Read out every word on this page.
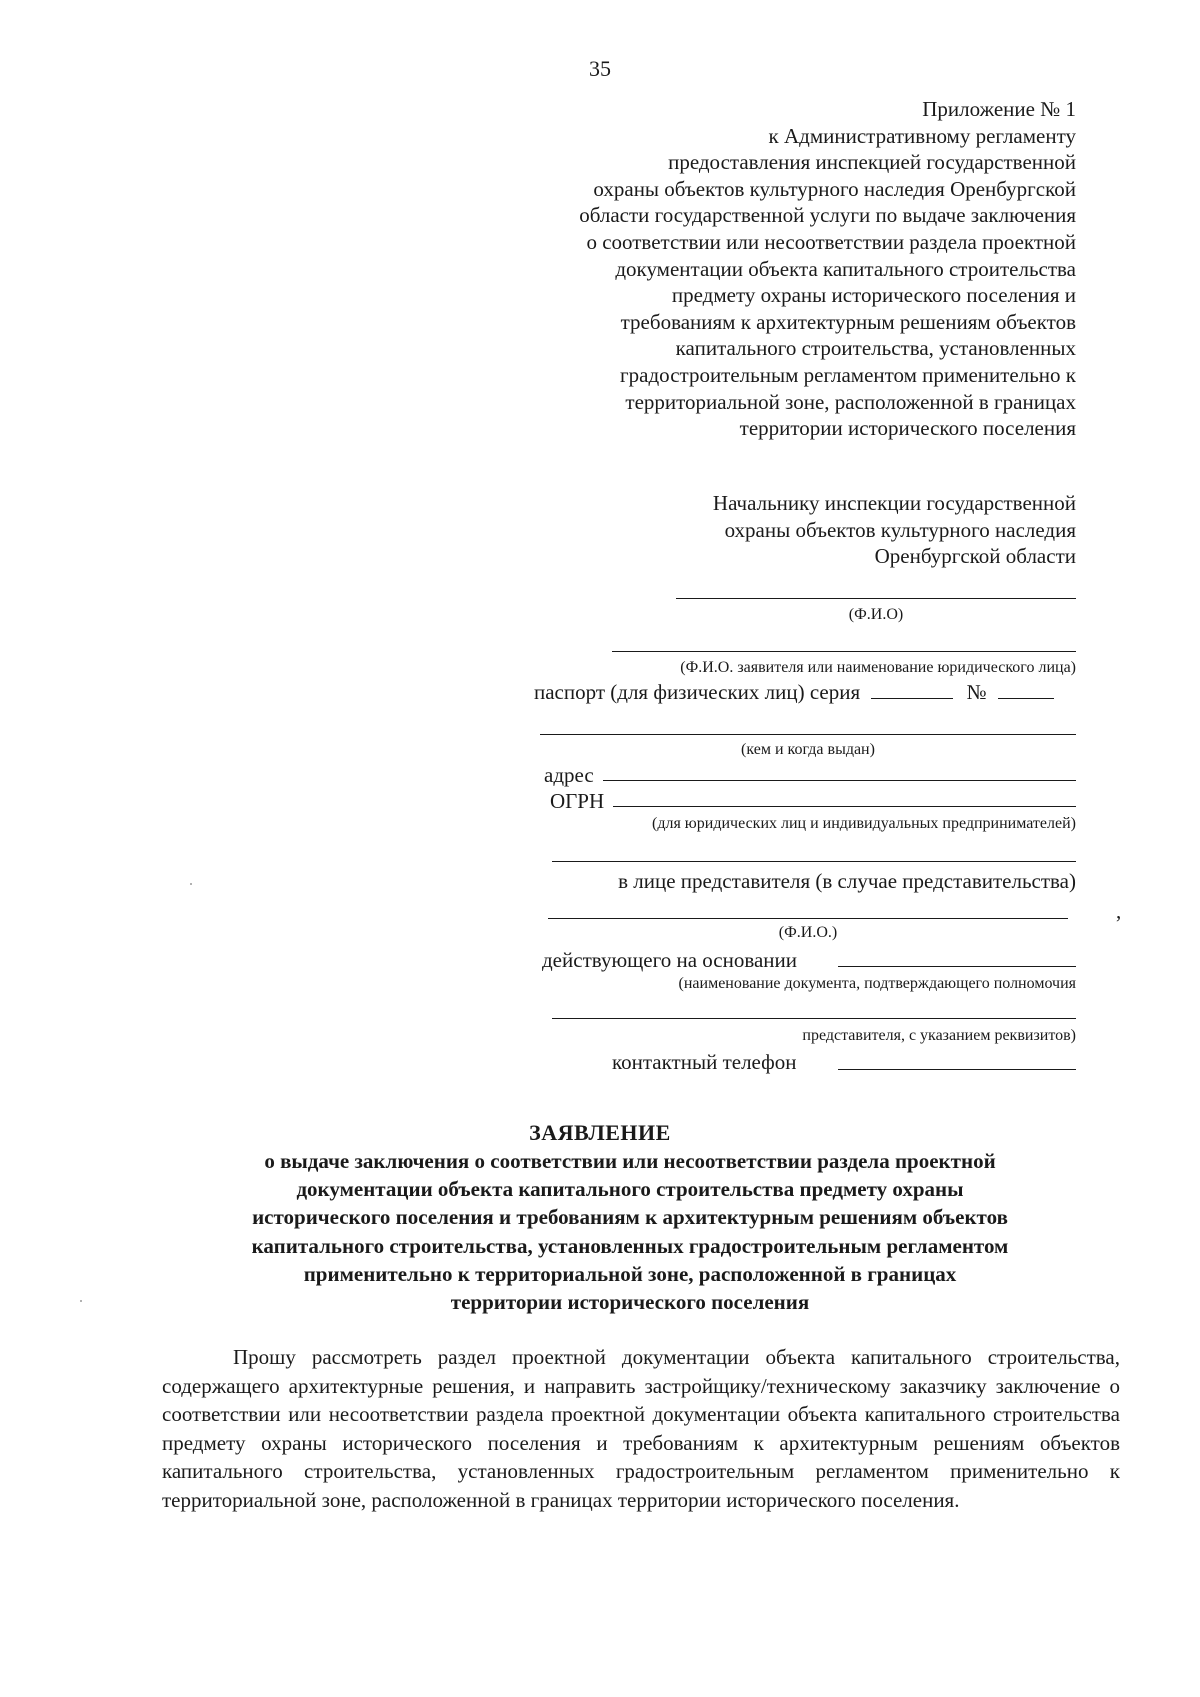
35
Приложение № 1
к Административному регламенту
предоставления инспекцией государственной
охраны объектов культурного наследия Оренбургской
области государственной услуги по выдаче заключения
о соответствии или несоответствии раздела проектной
документации объекта капитального строительства
предмету охраны исторического поселения и
требованиям к архитектурным решениям объектов
капитального строительства, установленных
градостроительным регламентом применительно к
территориальной зоне, расположенной в границах
территории исторического поселения
Начальнику инспекции государственной
охраны объектов культурного наследия
Оренбургской области
(Ф.И.О)
(Ф.И.О. заявителя или наименование юридического лица)
паспорт (для физических лиц) серия	№
(кем и когда выдан)
адрес
ОГРН
(для юридических лиц и индивидуальных предпринимателей)
в лице представителя (в случае представительства)
,
(Ф.И.О.)
действующего на основании
(наименование документа, подтверждающего полномочия
представителя, с указанием реквизитов)
контактный телефон
ЗАЯВЛЕНИЕ
о выдаче заключения о соответствии или несоответствии раздела проектной
документации объекта капитального строительства предмету охраны
исторического поселения и требованиям к архитектурным решениям объектов
капитального строительства, установленных градостроительным регламентом
применительно к территориальной зоне, расположенной в границах
территории исторического поселения
Прошу рассмотреть раздел проектной документации объекта капитального строительства, содержащего архитектурные решения, и направить застройщику/техническому заказчику заключение о соответствии или несоответствии раздела проектной документации объекта капитального строительства предмету охраны исторического поселения и требованиям к архитектурным решениям объектов капитального строительства, установленных градостроительным регламентом применительно к территориальной зоне, расположенной в границах территории исторического поселения.
